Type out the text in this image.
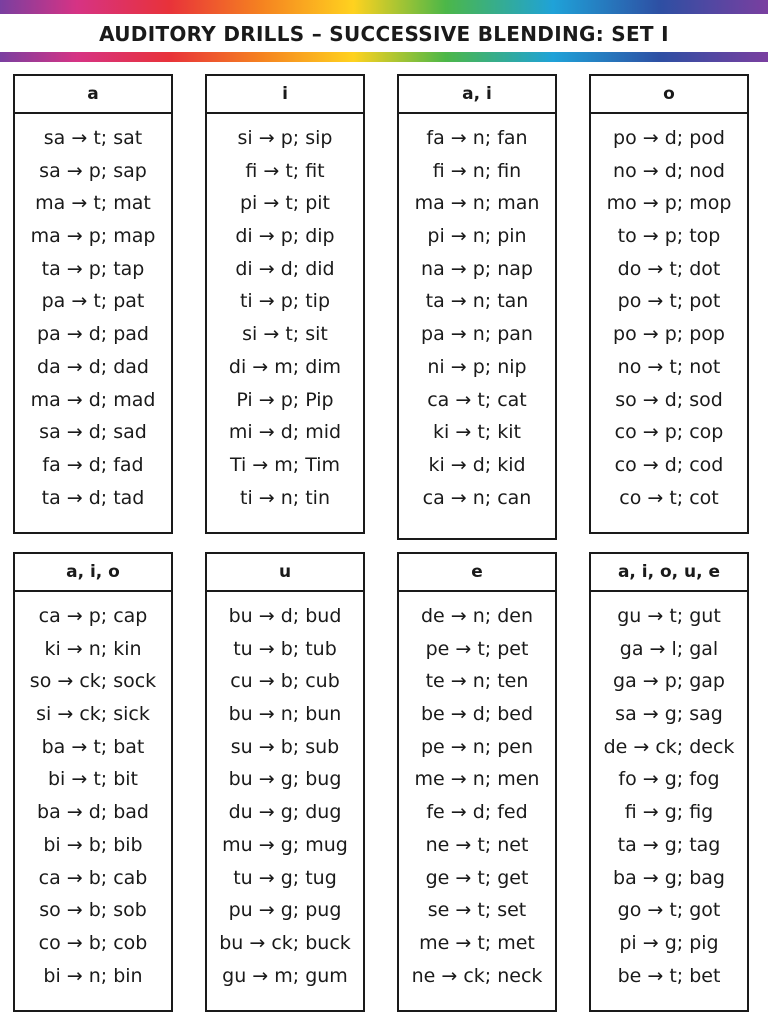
AUDITORY DRILLS – SUCCESSIVE BLENDING: SET I
a
sa → t; sat
sa → p; sap
ma → t; mat
ma → p; map
ta → p; tap
pa → t; pat
pa → d; pad
da → d; dad
ma → d; mad
sa → d; sad
fa → d; fad
ta → d; tad
i
si → p; sip
fi → t; fit
pi → t; pit
di → p; dip
di → d; did
ti → p; tip
si → t; sit
di → m; dim
Pi → p; Pip
mi → d; mid
Ti → m; Tim
ti → n; tin
a, i
fa → n; fan
fi → n; fin
ma → n; man
pi → n; pin
na → p; nap
ta → n; tan
pa → n; pan
ni → p; nip
ca → t; cat
ki → t; kit
ki → d; kid
ca → n; can
o
po → d; pod
no → d; nod
mo → p; mop
to → p; top
do → t; dot
po → t; pot
po → p; pop
no → t; not
so → d; sod
co → p; cop
co → d; cod
co → t; cot
a, i, o
ca → p; cap
ki → n; kin
so → ck; sock
si → ck; sick
ba → t; bat
bi → t; bit
ba → d; bad
bi → b; bib
ca → b; cab
so → b; sob
co → b; cob
bi → n; bin
u
bu → d; bud
tu → b; tub
cu → b; cub
bu → n; bun
su → b; sub
bu → g; bug
du → g; dug
mu → g; mug
tu → g; tug
pu → g; pug
bu → ck; buck
gu → m; gum
e
de → n; den
pe → t; pet
te → n; ten
be → d; bed
pe → n; pen
me → n; men
fe → d; fed
ne → t; net
ge → t; get
se → t; set
me → t; met
ne → ck; neck
a, i, o, u, e
gu → t; gut
ga → l; gal
ga → p; gap
sa → g; sag
de → ck; deck
fo → g; fog
fi → g; fig
ta → g; tag
ba → g; bag
go → t; got
pi → g; pig
be → t; bet
